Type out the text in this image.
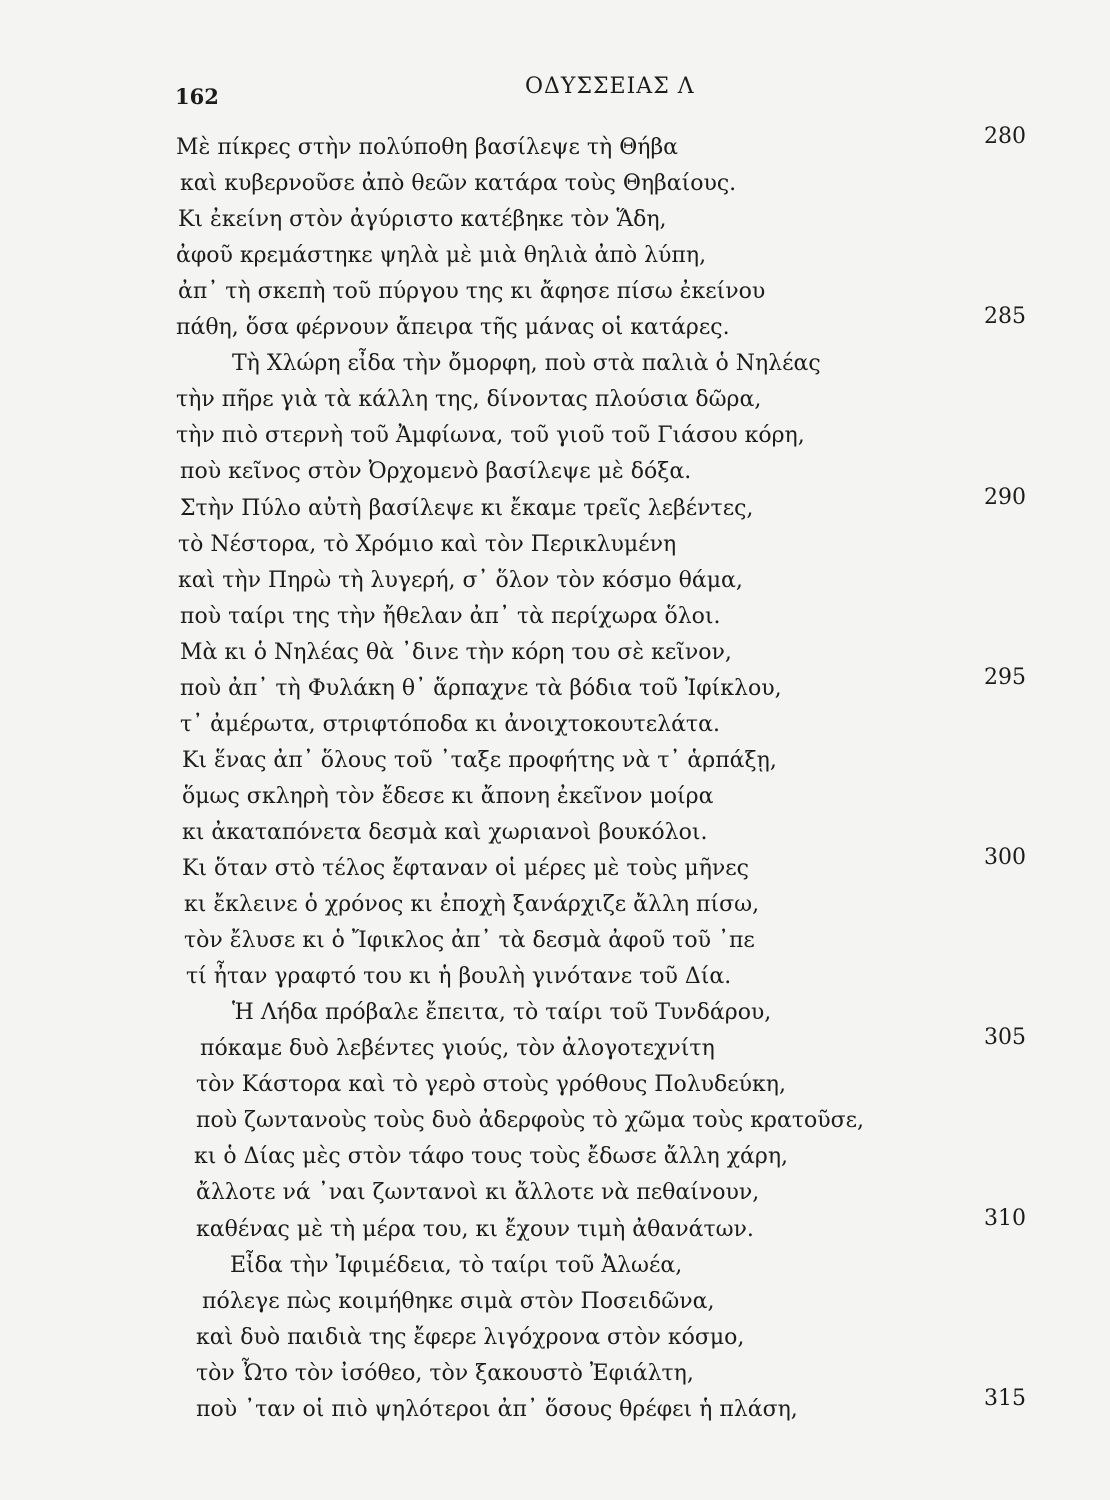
162	ΟΔΥΣΣΕΙΑΣ Λ
Μὲ πίκρες στὴν πολύποθη βασίλεψε τὴ Θήβα	280
καὶ κυβερνοῦσε ἀπὸ θεῶν κατάρα τοὺς Θηβαίους.
Κι ἐκείνη στὸν ἀγύριστο κατέβηκε τὸν Ἅδη,
ἀφοῦ κρεμάστηκε ψηλὰ μὲ μιὰ θηλιὰ ἀπὸ λύπη,
ἀπ᾿ τὴ σκεπὴ τοῦ πύργου της κι ἄφησε πίσω ἐκείνου
πάθη, ὅσα φέρνουν ἄπειρα τῆς μάνας οἱ κατάρες.	285
Τὴ Χλώρη εἶδα τὴν ὄμορφη, ποὺ στὰ παλιὰ ὁ Νηλέας
τὴν πῆρε γιὰ τὰ κάλλη της, δίνοντας πλούσια δῶρα,
τὴν πιὸ στερνὴ τοῦ Ἀμφίωνα, τοῦ γιοῦ τοῦ Γιάσου κόρη,
ποὺ κεῖνος στὸν Ὀρχομενὸ βασίλεψε μὲ δόξα.
Στὴν Πύλο αὐτὴ βασίλεψε κι ἔκαμε τρεῖς λεβέντες,	290
τὸ Νέστορα, τὸ Χρόμιο καὶ τὸν Περικλυμένη
καὶ τὴν Πηρὼ τὴ λυγερή, σ᾿ ὅλον τὸν κόσμο θάμα,
ποὺ ταίρι της τὴν ἤθελαν ἀπ᾿ τὰ περίχωρα ὅλοι.
Μὰ κι ὁ Νηλέας θὰ ᾿δινε τὴν κόρη του σὲ κεῖνον,
ποὺ ἀπ᾿ τὴ Φυλάκη θ᾿ ἅρπαχνε τὰ βόδια τοῦ Ἰφίκλου,	295
τ᾿ ἀμέρωτα, στριφτόποδα κι ἀνοιχτοκουτελάτα.
Κι ἕνας ἀπ᾿ ὅλους τοῦ ᾿ταξε προφήτης νὰ τ᾿ ἁρπάξῃ,
ὅμως σκληρὴ τὸν ἔδεσε κι ἄπονη ἐκεῖνον μοίρα
κι ἀκαταπόνετα δεσμὰ καὶ χωριανοὶ βουκόλοι.
Κι ὅταν στὸ τέλος ἔφταναν οἱ μέρες μὲ τοὺς μῆνες	300
κι ἔκλεινε ὁ χρόνος κι ἐποχὴ ξανάρχιζε ἄλλη πίσω,
τὸν ἔλυσε κι ὁ Ἴφικλος ἀπ᾿ τὰ δεσμὰ ἀφοῦ τοῦ ᾿πε
τί ἦταν γραφτό του κι ἡ βουλὴ γινότανε τοῦ Δία.
Ἡ Λήδα πρόβαλε ἔπειτα, τὸ ταίρι τοῦ Τυνδάρου,
πόκαμε δυὸ λεβέντες γιούς, τὸν ἀλογοτεχνίτη	305
τὸν Κάστορα καὶ τὸ γερὸ στοὺς γρόθους Πολυδεύκη,
ποὺ ζωντανοὺς τοὺς δυὸ ἀδερφοὺς τὸ χῶμα τοὺς κρατοῦσε,
κι ὁ Δίας μὲς στὸν τάφο τους τοὺς ἔδωσε ἄλλη χάρη,
ἄλλοτε νά ᾿ναι ζωντανοὶ κι ἄλλοτε νὰ πεθαίνουν,
καθένας μὲ τὴ μέρα του, κι ἔχουν τιμὴ ἀθανάτων.	310
Εἶδα τὴν Ἰφιμέδεια, τὸ ταίρι τοῦ Ἀλωέα,
πόλεγε πὼς κοιμήθηκε σιμὰ στὸν Ποσειδῶνα,
καὶ δυὸ παιδιὰ της ἔφερε λιγόχρονα στὸν κόσμο,
τὸν Ὦτο τὸν ἰσόθεο, τὸν ξακουστὸ Ἐφιάλτη,
ποὺ ᾿ταν οἱ πιὸ ψηλότεροι ἀπ᾿ ὅσους θρέφει ἡ πλάση,	315
